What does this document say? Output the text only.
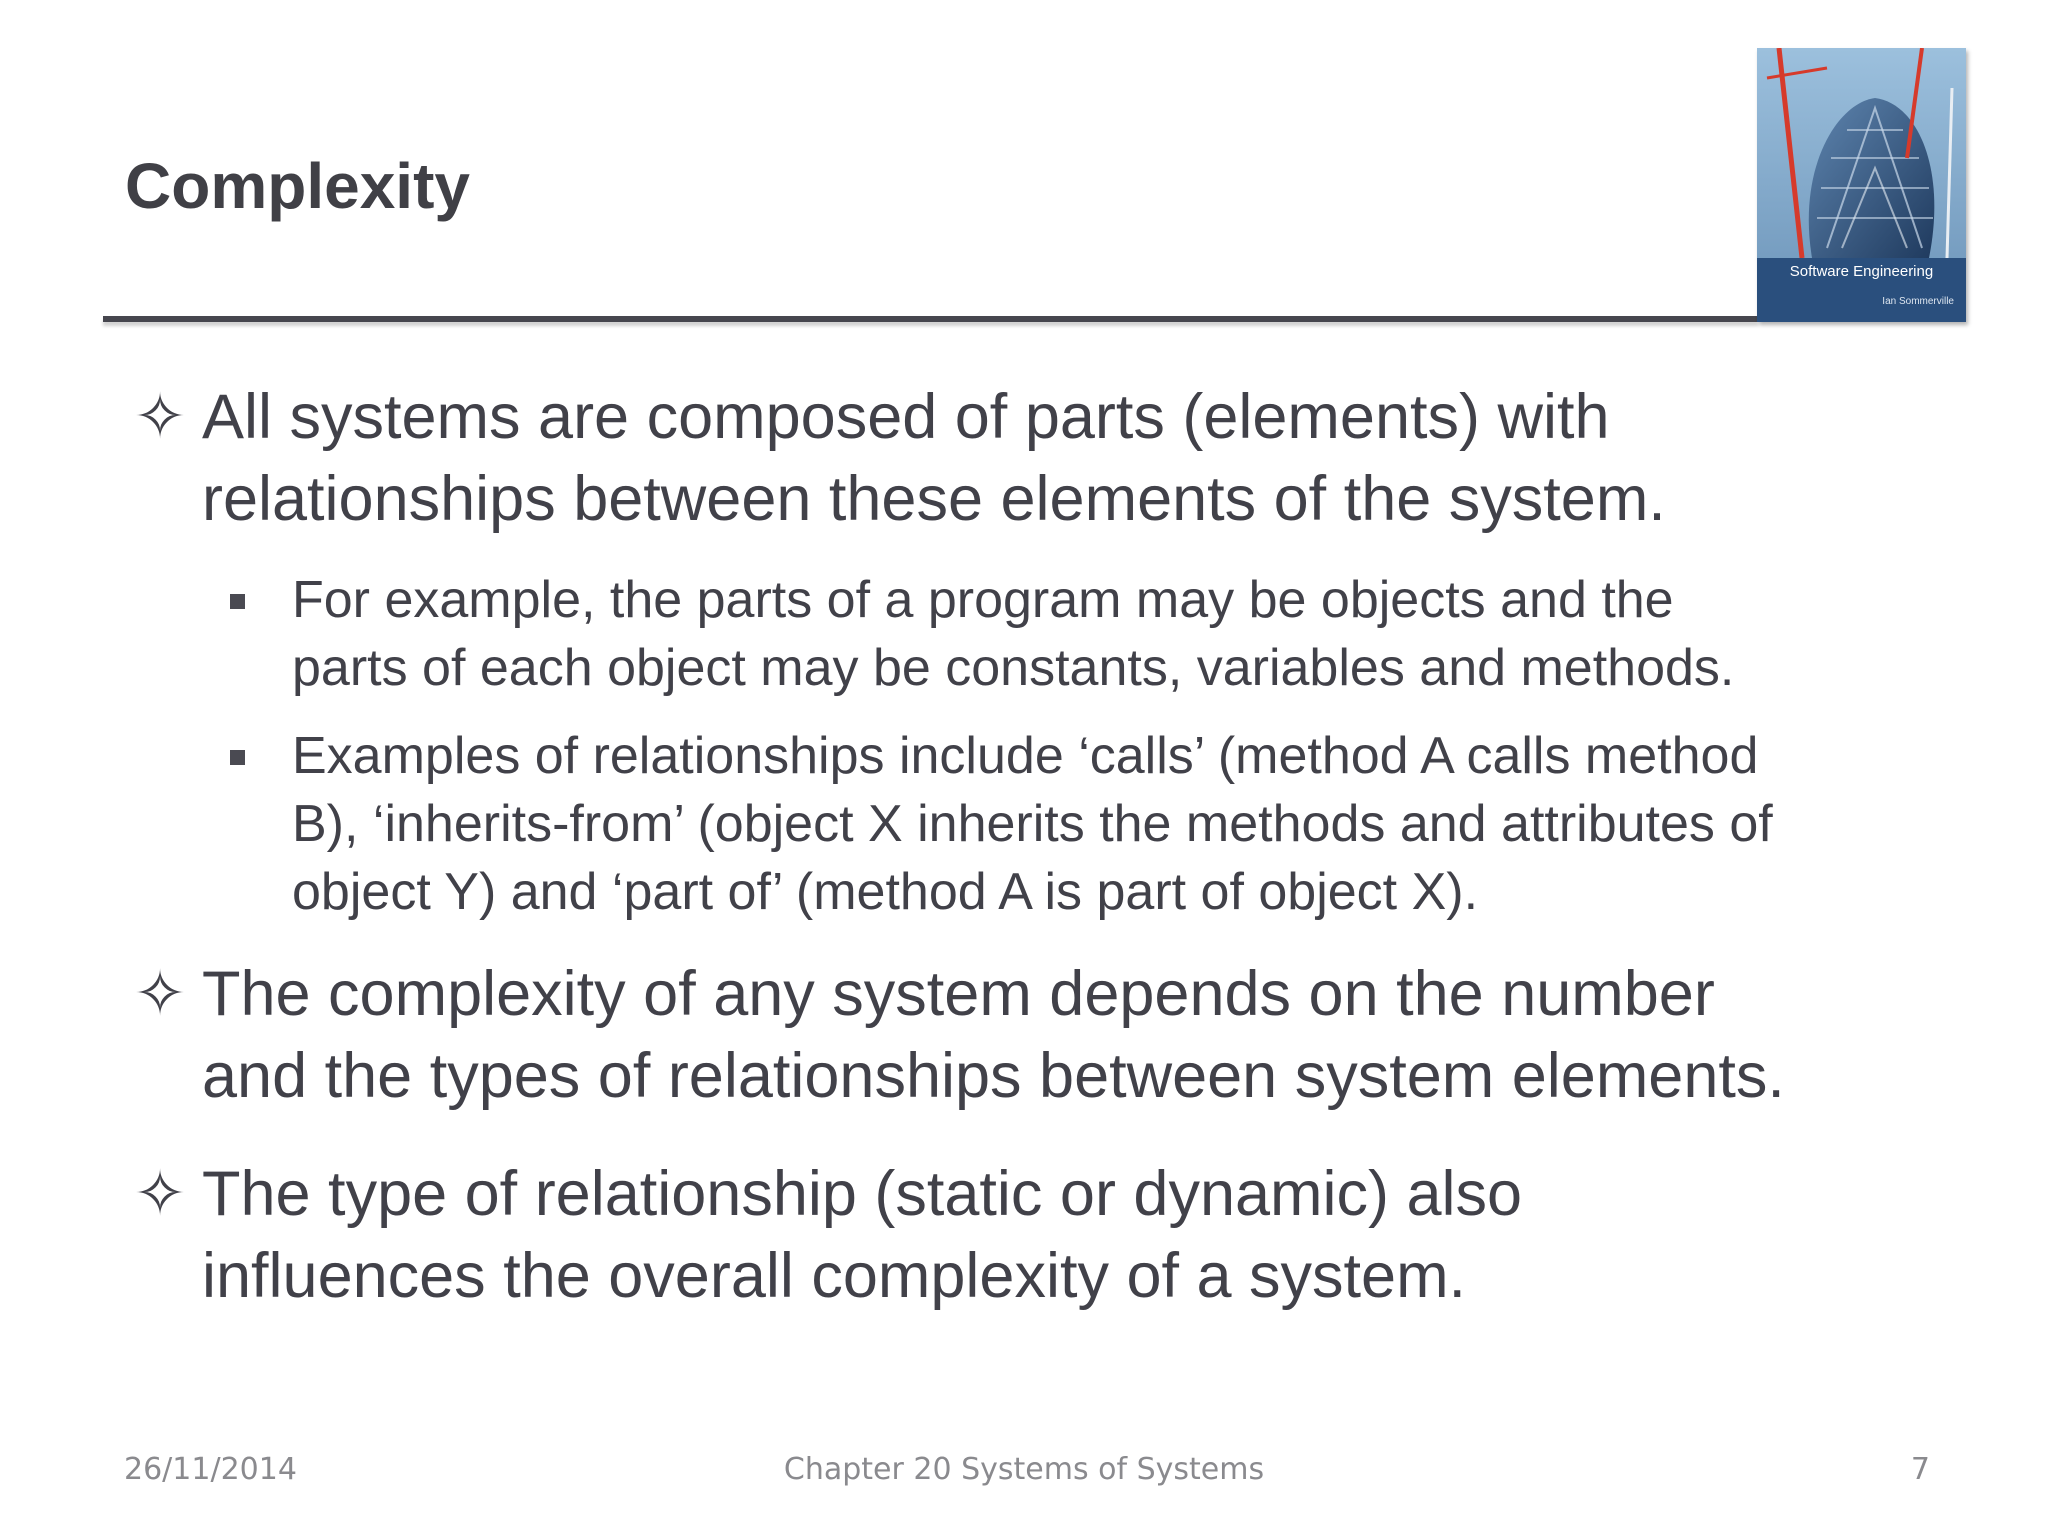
Complexity
Software Engineering
Ian Sommerville
✧ All systems are composed of parts (elements) with
relationships between these elements of the system.
For example, the parts of a program may be objects and the
parts of each object may be constants, variables and methods.
Examples of relationships include ‘calls’ (method A calls method
B), ‘inherits-from’ (object X inherits the methods and attributes of
object Y) and ‘part of’ (method A is part of object X).
✧ The complexity of any system depends on the number
and the types of relationships between system elements.
✧ The type of relationship (static or dynamic) also
influences the overall complexity of a system.
26/11/2014	Chapter 20 Systems of Systems	7
